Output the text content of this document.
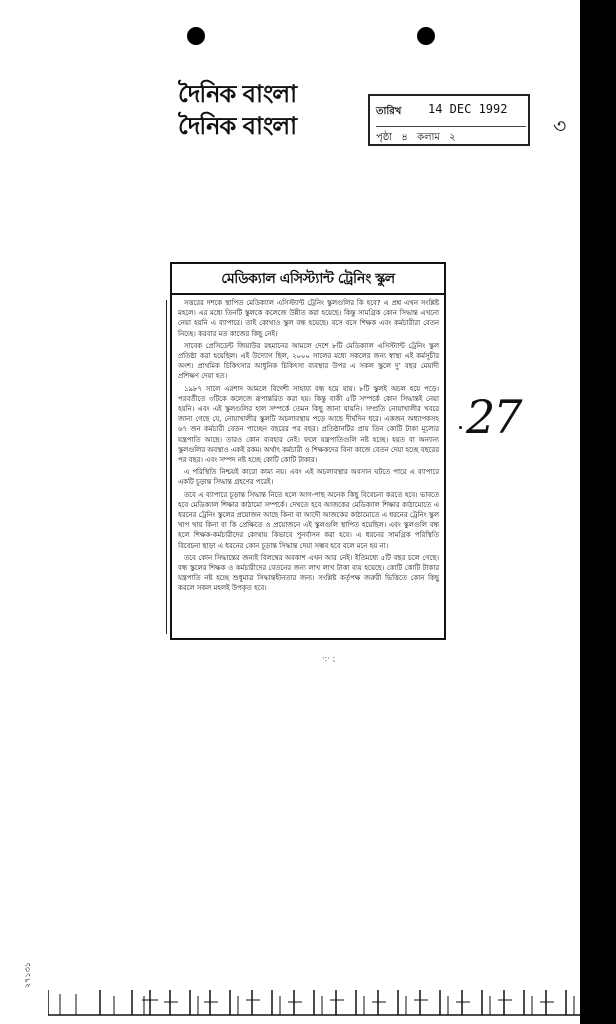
দৈনিক বাংলা
দৈনিক বাংলা	তারিখ 14 DEC 1992
পৃষ্ঠা ৪ কলাম ২	৩
মেডিক্যাল এসিস্ট্যান্ট ট্রেনিং স্কুল

সত্তরের দশকে স্থাপিত মেডিক্যাল এসিস্ট্যান্ট ট্রেনিং স্কুলগুলির কি হবে? এ প্রশ্ন এখন সংশ্লিষ্ট মহলে। এর মধ্যে তিনটি স্কুলকে কলেজে উন্নীত করা হয়েছে। কিন্তু সামগ্রিক কোন সিদ্ধান্ত এখনো নেয়া হয়নি এ ব্যাপারে। তাই কোথাও স্কুল বন্ধ হয়েছে। বসে বসে শিক্ষক এবং কর্মচারীরা বেতন নিচ্ছে। করবার মত কাজের কিছু নেই।

সাবেক প্রেসিডেন্ট জিয়াউর রহমানের আমলে দেশে ৮টি মেডিক্যাল এসিস্ট্যান্ট ট্রেনিং স্কুল প্রতিষ্ঠা করা হয়েছিল। এই উদ্যোগ ছিল, ২০০০ সালের মধ্যে সকলের জন্য স্বাস্থ্য এই কর্মসূচীর অংশ। প্রাথমিক চিকিৎসার আধুনিক চিকিৎসা ব্যবস্থার উপর এ সকল স্কুলে দু’ বছর মেয়াদী প্রশিক্ষণ দেয়া হত।

১৯৮৭ সালে এরশাদ আমলে বিদেশী সাহায্য বন্ধ হয়ে যায়। ৮টি স্কুলই অচল হয়ে পড়ে। পরবর্তীতে ৩টিকে কলেজে রূপান্তরিত করা হয়। কিন্তু বাকী ৫টি সম্পর্কে কোন সিদ্ধান্তই নেয়া হয়নি। এবং এই স্কুলগুলির হাল সম্পর্কে তেমন কিছু জানা যায়নি। সম্প্রতি নোয়াখালীর খবরে জানা গেছে যে, নোয়াখালীর স্কুলটি অচলাবস্থায় পড়ে আছে দীর্ঘদিন ধরে। একজন অধ্যাপকসহ ৬৭ জন কর্মচারী বেতন পাচ্ছেন বছরের পর বছর। প্রতিষ্ঠানটির প্রায় তিন কোটি টাকা মূল্যের যন্ত্রপাতি আছে। তারও কোন ব্যবহার নেই। ফলে যন্ত্রপাতিগুলি নষ্ট হচ্ছে। হয়ত বা অন্যান্য স্কুলগুলির অবস্থাও একই রকম। অর্থাৎ কর্মচারী ও শিক্ষকদের বিনা কাজে বেতন দেয়া হচ্ছে বছরের পর বছর। এবং সম্পদ নষ্ট হচ্ছে কোটি কোটি টাকার।

এ পরিস্থিতি নিশ্চয়ই কারো কাম্য নয়। এবং এই অচলাবস্থার অবসান ঘটতে পারে এ ব্যাপারে একটি চূড়ান্ত সিদ্ধান্ত গ্রহণের পরেই।

তবে এ ব্যাপারে চূড়ান্ত সিদ্ধান্ত নিতে হলে আগ-পাছ অনেক কিছু বিবেচনা করতে হবে। ভাবতে হবে মেডিক্যাল শিক্ষার কাঠামো সম্পর্কে। দেখতে হবে আজকের মেডিক্যাল শিক্ষার কাঠামোতে এ ধরনের ট্রেনিং স্কুলের প্রয়োজন আছে কিনা বা আদৌ আজকের কাঠামোতে এ ধরনের ট্রেনিং স্কুল খাপ খায় কিনা বা কি প্রেক্ষিতে ও প্রয়োজনে এই স্কুলগুলি স্থাপিত হয়েছিল। এবং স্কুলগুলি বন্ধ হলে শিক্ষক-কর্মচারীদের কোথায় কিভাবে পুনর্বাসন করা হবে। এ ধরনের সামগ্রিক পরিস্থিতি বিবেচনা ছাড়া এ ধরনের কোন চূড়ান্ত সিদ্ধান্ত দেয়া সম্ভব হবে বলে মনে হয় না।

তবে কোন সিদ্ধান্তের জন্যই বিলম্বের অবকাশ এখন আর নেই। ইতিমধ্যে ৫টি বছর চলে গেছে। বন্ধ স্কুলের শিক্ষক ও কর্মচারীদের বেতনের জন্য লাখ লাখ টাকা ব্যয় হয়েছে। কোটি কোটি টাকার যন্ত্রপাতি নষ্ট হচ্ছে শুধুমাত্র সিদ্ধান্তহীনতার জন্য। সংশ্লিষ্ট কর্তৃপক্ষ জরুরী ভিত্তিতে কোন কিছু করলে সকল মহলই উপকৃত হবে।

27
·:· ⁏
২৭১৩১
